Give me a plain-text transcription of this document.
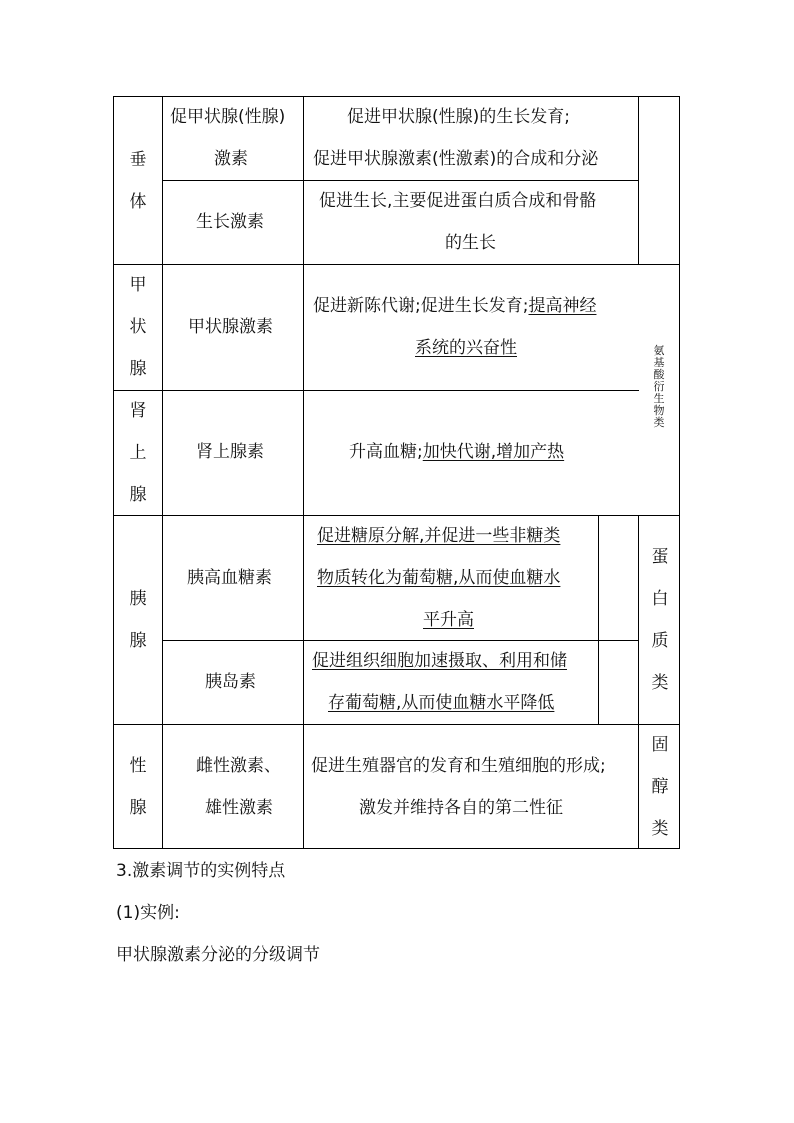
垂
体
促甲状腺(性腺)
激素
促进甲状腺(性腺)的生长发育;
促进甲状腺激素(性激素)的合成和分泌
生长激素
促进生长,主要促进蛋白质合成和骨骼
的生长
甲
状
腺
甲状腺激素
促进新陈代谢;促进生长发育;提高神经
系统的兴奋性
肾
上
腺
肾上腺素	升高血糖;加快代谢,增加产热
氨
基
酸
衍
生
物
类
胰
腺
胰高血糖素
促进糖原分解,并促进一些非糖类
物质转化为葡萄糖,从而使血糖水
平升高
胰岛素
促进组织细胞加速摄取、利用和储
存葡萄糖,从而使血糖水平降低
蛋
白
质
类
性
腺
雌性激素、
雄性激素
促进生殖器官的发育和生殖细胞的形成;
激发并维持各自的第二性征
固
醇
类
3.激素调节的实例特点
(1)实例:
甲状腺激素分泌的分级调节
